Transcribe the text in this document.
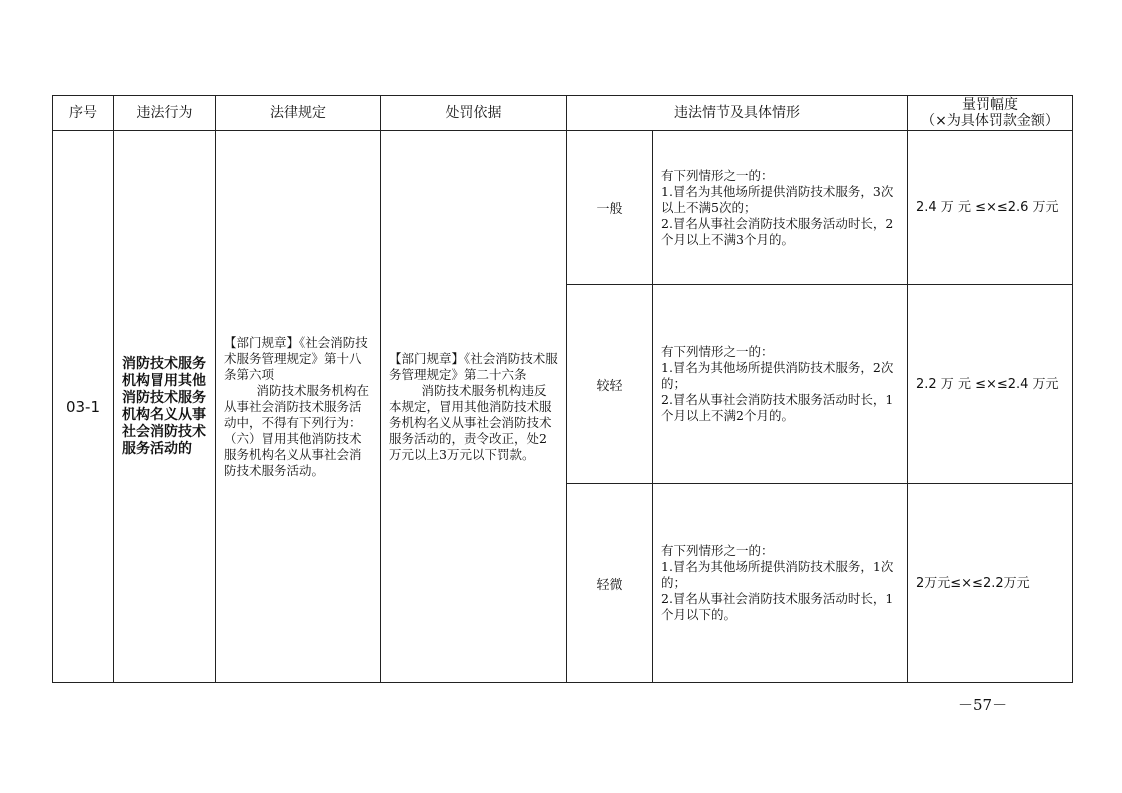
序号	违法行为	法律规定	处罚依据	违法情节及具体情形		量罚幅度
（×为具体罚款金额）

03-1	消防技术服务机构冒用其他消防技术服务机构名义从事社会消防技术服务活动的	【部门规章】《社会消防技术服务管理规定》第十八条第六项
消防技术服务机构在从事社会消防技术服务活动中，不得有下列行为：（六）冒用其他消防技术服务机构名义从事社会消防技术服务活动。	【部门规章】《社会消防技术服务管理规定》第二十六条
消防技术服务机构违反本规定，冒用其他消防技术服务机构名义从事社会消防技术服务活动的，责令改正，处2万元以上3万元以下罚款。	一般	有下列情形之一的：
1.冒名为其他场所提供消防技术服务，3次以上不满5次的；
2.冒名从事社会消防技术服务活动时长，2个月以上不满3个月的。	2.4 万 元 ≤×≤2.6 万元
				较轻	有下列情形之一的：
1.冒名为其他场所提供消防技术服务，2次的；
2.冒名从事社会消防技术服务活动时长，1个月以上不满2个月的。	2.2 万 元 ≤×≤2.4 万元
				轻微	有下列情形之一的：
1.冒名为其他场所提供消防技术服务，1次的；
2.冒名从事社会消防技术服务活动时长，1个月以下的。	2万元≤×≤2.2万元
－57－
